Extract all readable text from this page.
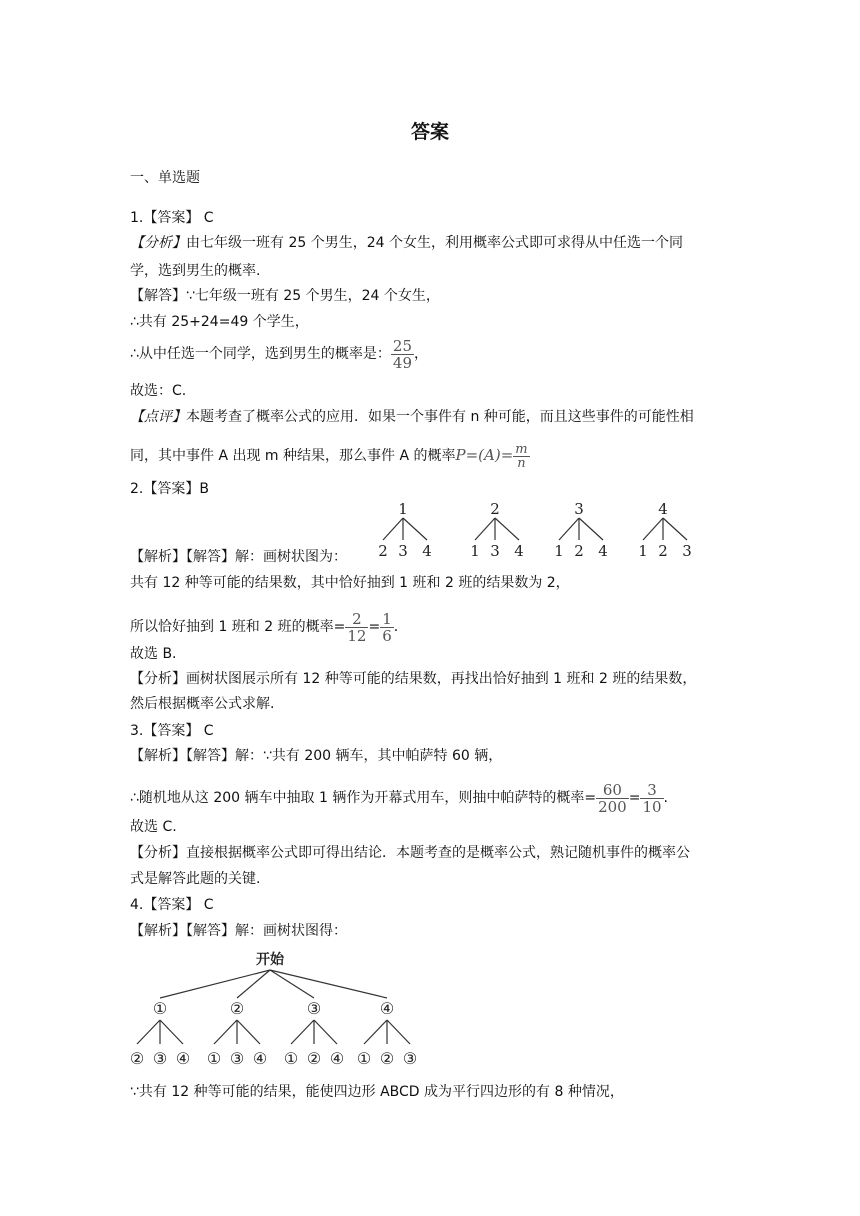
答案
一、单选题
1.【答案】 C
【分析】由七年级一班有 25 个男生，24 个女生，利用概率公式即可求得从中任选一个同
学，选到男生的概率.
【解答】∵七年级一班有 25 个男生，24 个女生，
∴共有 25+24=49 个学生，
∴从中任选一个同学，选到男生的概率是： $\frac{25}{49}$ ，
故选：C.
【点评】本题考查了概率公式的应用．如果一个事件有 n 种可能，而且这些事件的可能性相
同，其中事件 A 出现 m 种结果，那么事件 A 的概率$P=(A)= \frac{m}{n}$
2.【答案】B
1
2 3 4
2
1 3 4
3
1 2 4
4
1 2 3
【解析】【解答】解：画树状图为：
共有 12 种等可能的结果数，其中恰好抽到 1 班和 2 班的结果数为 2，
所以恰好抽到 1 班和 2 班的概率= $\frac{2}{12} = \frac{1}{6}$ .
故选 B.
【分析】画树状图展示所有 12 种等可能的结果数，再找出恰好抽到 1 班和 2 班的结果数，
然后根据概率公式求解.
3.【答案】 C
【解析】【解答】解：∵共有 200 辆车，其中帕萨特 60 辆，
∴随机地从这 200 辆车中抽取 1 辆作为开幕式用车，则抽中帕萨特的概率= $\frac{60}{200} = \frac{3}{10}$ .
故选 C.
【分析】直接根据概率公式即可得出结论．本题考查的是概率公式，熟记随机事件的概率公
式是解答此题的关键.
4.【答案】 C
【解析】【解答】解：画树状图得：
开始
①
② ③ ④
②
① ③ ④
③
① ② ④
④
① ② ③
∵共有 12 种等可能的结果，能使四边形 ABCD 成为平行四边形的有 8 种情况，
